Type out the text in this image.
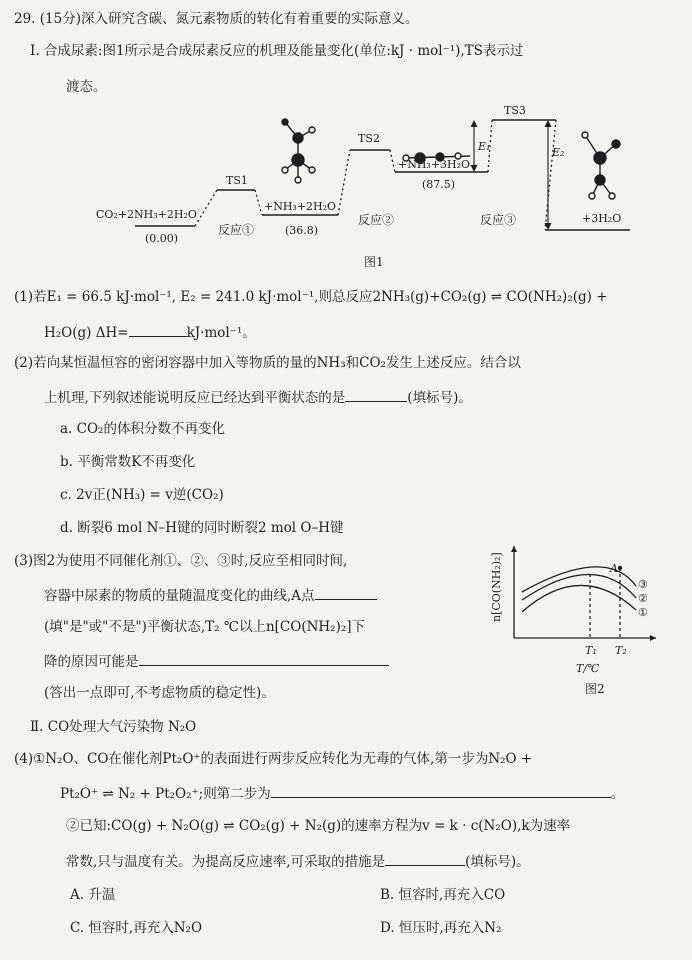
29. (15分)深入研究含碳、氮元素物质的转化有着重要的实际意义。
Ⅰ. 合成尿素:图1所示是合成尿素反应的机理及能量变化(单位:kJ · mol⁻¹),TS表示过
渡态。
CO₂+2NH₃+2H₂O
(0.00)
TS1
反应①
+NH₃+2H₂O
(36.8)
TS2
反应②
+NH₃+3H₂O
(87.5)
TS3
反应③	+3H₂O
E₁	E₂
图1
(1)若E₁ = 66.5 kJ·mol⁻¹, E₂ = 241.0 kJ·mol⁻¹,则总反应2NH₃(g)+CO₂(g) ⇌ CO(NH₂)₂(g) +
H₂O(g) ΔH=	kJ·mol⁻¹。
(2)若向某恒温恒容的密闭容器中加入等物质的量的NH₃和CO₂发生上述反应。结合以
上机理,下列叙述能说明反应已经达到平衡状态的是	(填标号)。
a. CO₂的体积分数不再变化
b. 平衡常数K不再变化
c. 2v正(NH₃) = v逆(CO₂)
d. 断裂6 mol N–H键的同时断裂2 mol O–H键
(3)图2为使用不同催化剂①、②、③时,反应至相同时间,
容器中尿素的物质的量随温度变化的曲线,A点
(填"是"或"不是")平衡状态,T₂ ℃以上n[CO(NH₂)₂]下
降的原因可能是
(答出一点即可,不考虑物质的稳定性)。
n[CO(NH₂)₂]
T₁ T₂
T/℃
A
③
②
①
图2
Ⅱ. CO处理大气污染物 N₂O
(4)①N₂O、CO在催化剂Pt₂O⁺的表面进行两步反应转化为无毒的气体,第一步为N₂O +
Pt₂O⁺ ⇌ N₂ + Pt₂O₂⁺;则第二步为	。
②已知:CO(g) + N₂O(g) ⇌ CO₂(g) + N₂(g)的速率方程为v = k · c(N₂O),k为速率
常数,只与温度有关。为提高反应速率,可采取的措施是	(填标号)。
A. 升温	B. 恒容时,再充入CO
C. 恒容时,再充入N₂O	D. 恒压时,再充入N₂
